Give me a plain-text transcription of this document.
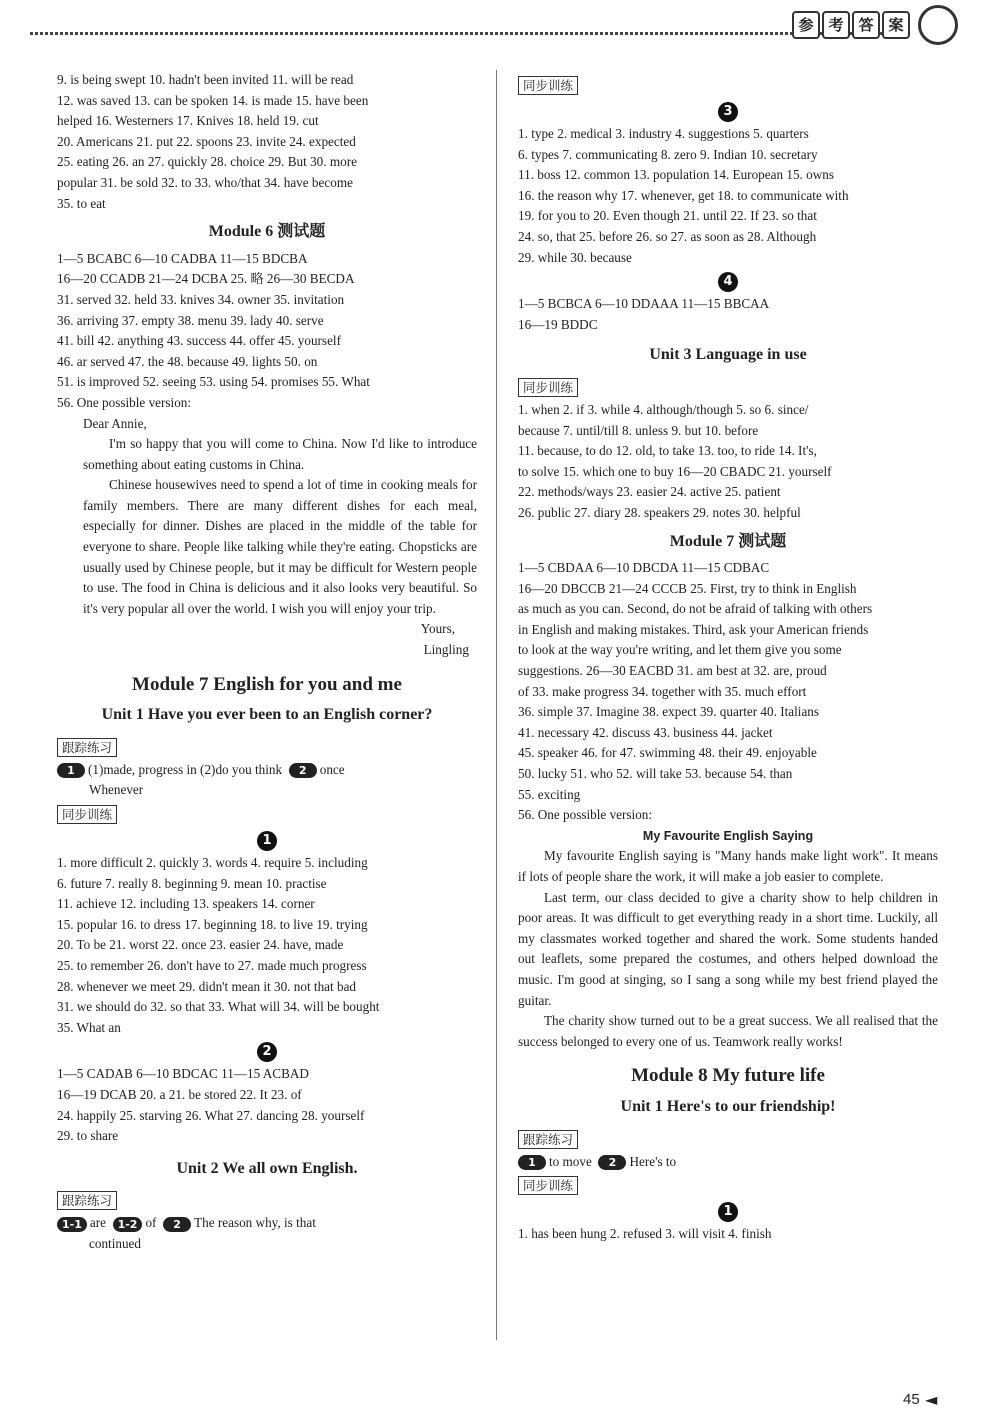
参 考 答 案
9. is being swept 10. hadn't been invited 11. will be read
12. was saved 13. can be spoken 14. is made 15. have been
helped 16. Westerners 17. Knives 18. held 19. cut
20. Americans 21. put 22. spoons 23. invite 24. expected
25. eating 26. an 27. quickly 28. choice 29. But 30. more
popular 31. be sold 32. to 33. who/that 34. have become
35. to eat
Module 6 测试题
1—5 BCABC 6—10 CADBA 11—15 BDCBA
16—20 CCADB 21—24 DCBA 25. 略 26—30 BECDA
31. served 32. held 33. knives 34. owner 35. invitation
36. arriving 37. empty 38. menu 39. lady 40. serve
41. bill 42. anything 43. success 44. offer 45. yourself
46. ar served 47. the 48. because 49. lights 50. on
51. is improved 52. seeing 53. using 54. promises 55. What
56. One possible version:
Dear Annie,
I'm so happy that you will come to China. Now I'd like to introduce something about eating customs in China.
Chinese housewives need to spend a lot of time in cooking meals for family members. There are many different dishes for each meal, especially for dinner. Dishes are placed in the middle of the table for everyone to share. People like talking while they're eating. Chopsticks are usually used by Chinese people, but it may be difficult for Western people to use. The food in China is delicious and it also looks very beautiful. So it's very popular all over the world. I wish you will enjoy your trip.
Yours,
Lingling
Module 7 English for you and me
Unit 1 Have you ever been to an English corner?
跟踪练习
1 (1)made, progress in (2)do you think 2 once
Whenever
同步训练
1
1. more difficult 2. quickly 3. words 4. require 5. including
6. future 7. really 8. beginning 9. mean 10. practise
11. achieve 12. including 13. speakers 14. corner
15. popular 16. to dress 17. beginning 18. to live 19. trying
20. To be 21. worst 22. once 23. easier 24. have, made
25. to remember 26. don't have to 27. made much progress
28. whenever we meet 29. didn't mean it 30. not that bad
31. we should do 32. so that 33. What will 34. will be bought
35. What an
2
1—5 CADAB 6—10 BDCAC 11—15 ACBAD
16—19 DCAB 20. a 21. be stored 22. It 23. of
24. happily 25. starving 26. What 27. dancing 28. yourself
29. to share
Unit 2 We all own English.
跟踪练习
1-1 are 1-2 of 2 The reason why, is that
continued
同步训练
3
1. type 2. medical 3. industry 4. suggestions 5. quarters
6. types 7. communicating 8. zero 9. Indian 10. secretary
11. boss 12. common 13. population 14. European 15. owns
16. the reason why 17. whenever, get 18. to communicate with
19. for you to 20. Even though 21. until 22. If 23. so that
24. so, that 25. before 26. so 27. as soon as 28. Although
29. while 30. because
4
1—5 BCBCA 6—10 DDAAA 11—15 BBCAA
16—19 BDDC
Unit 3 Language in use
同步训练
1. when 2. if 3. while 4. although/though 5. so 6. since/
because 7. until/till 8. unless 9. but 10. before
11. because, to do 12. old, to take 13. too, to ride 14. It's,
to solve 15. which one to buy 16—20 CBADC 21. yourself
22. methods/ways 23. easier 24. active 25. patient
26. public 27. diary 28. speakers 29. notes 30. helpful
Module 7 测试题
1—5 CBDAA 6—10 DBCDA 11—15 CDBAC
16—20 DBCCB 21—24 CCCB 25. First, try to think in English
as much as you can. Second, do not be afraid of talking with others
in English and making mistakes. Third, ask your American friends
to look at the way you're writing, and let them give you some
suggestions. 26—30 EACBD 31. am best at 32. are, proud
of 33. make progress 34. together with 35. much effort
36. simple 37. Imagine 38. expect 39. quarter 40. Italians
41. necessary 42. discuss 43. business 44. jacket
45. speaker 46. for 47. swimming 48. their 49. enjoyable
50. lucky 51. who 52. will take 53. because 54. than
55. exciting
56. One possible version:
My Favourite English Saying
My favourite English saying is "Many hands make light work". It means if lots of people share the work, it will make a job easier to complete.
Last term, our class decided to give a charity show to help children in poor areas. It was difficult to get everything ready in a short time. Luckily, all my classmates worked together and shared the work. Some students handed out leaflets, some prepared the costumes, and others helped download the music. I'm good at singing, so I sang a song while my best friend played the guitar.
The charity show turned out to be a great success. We all realised that the success belonged to every one of us. Teamwork really works!
Module 8 My future life
Unit 1 Here's to our friendship!
跟踪练习
1 to move 2 Here's to
同步训练
1
1. has been hung 2. refused 3. will visit 4. finish
45 ◄
